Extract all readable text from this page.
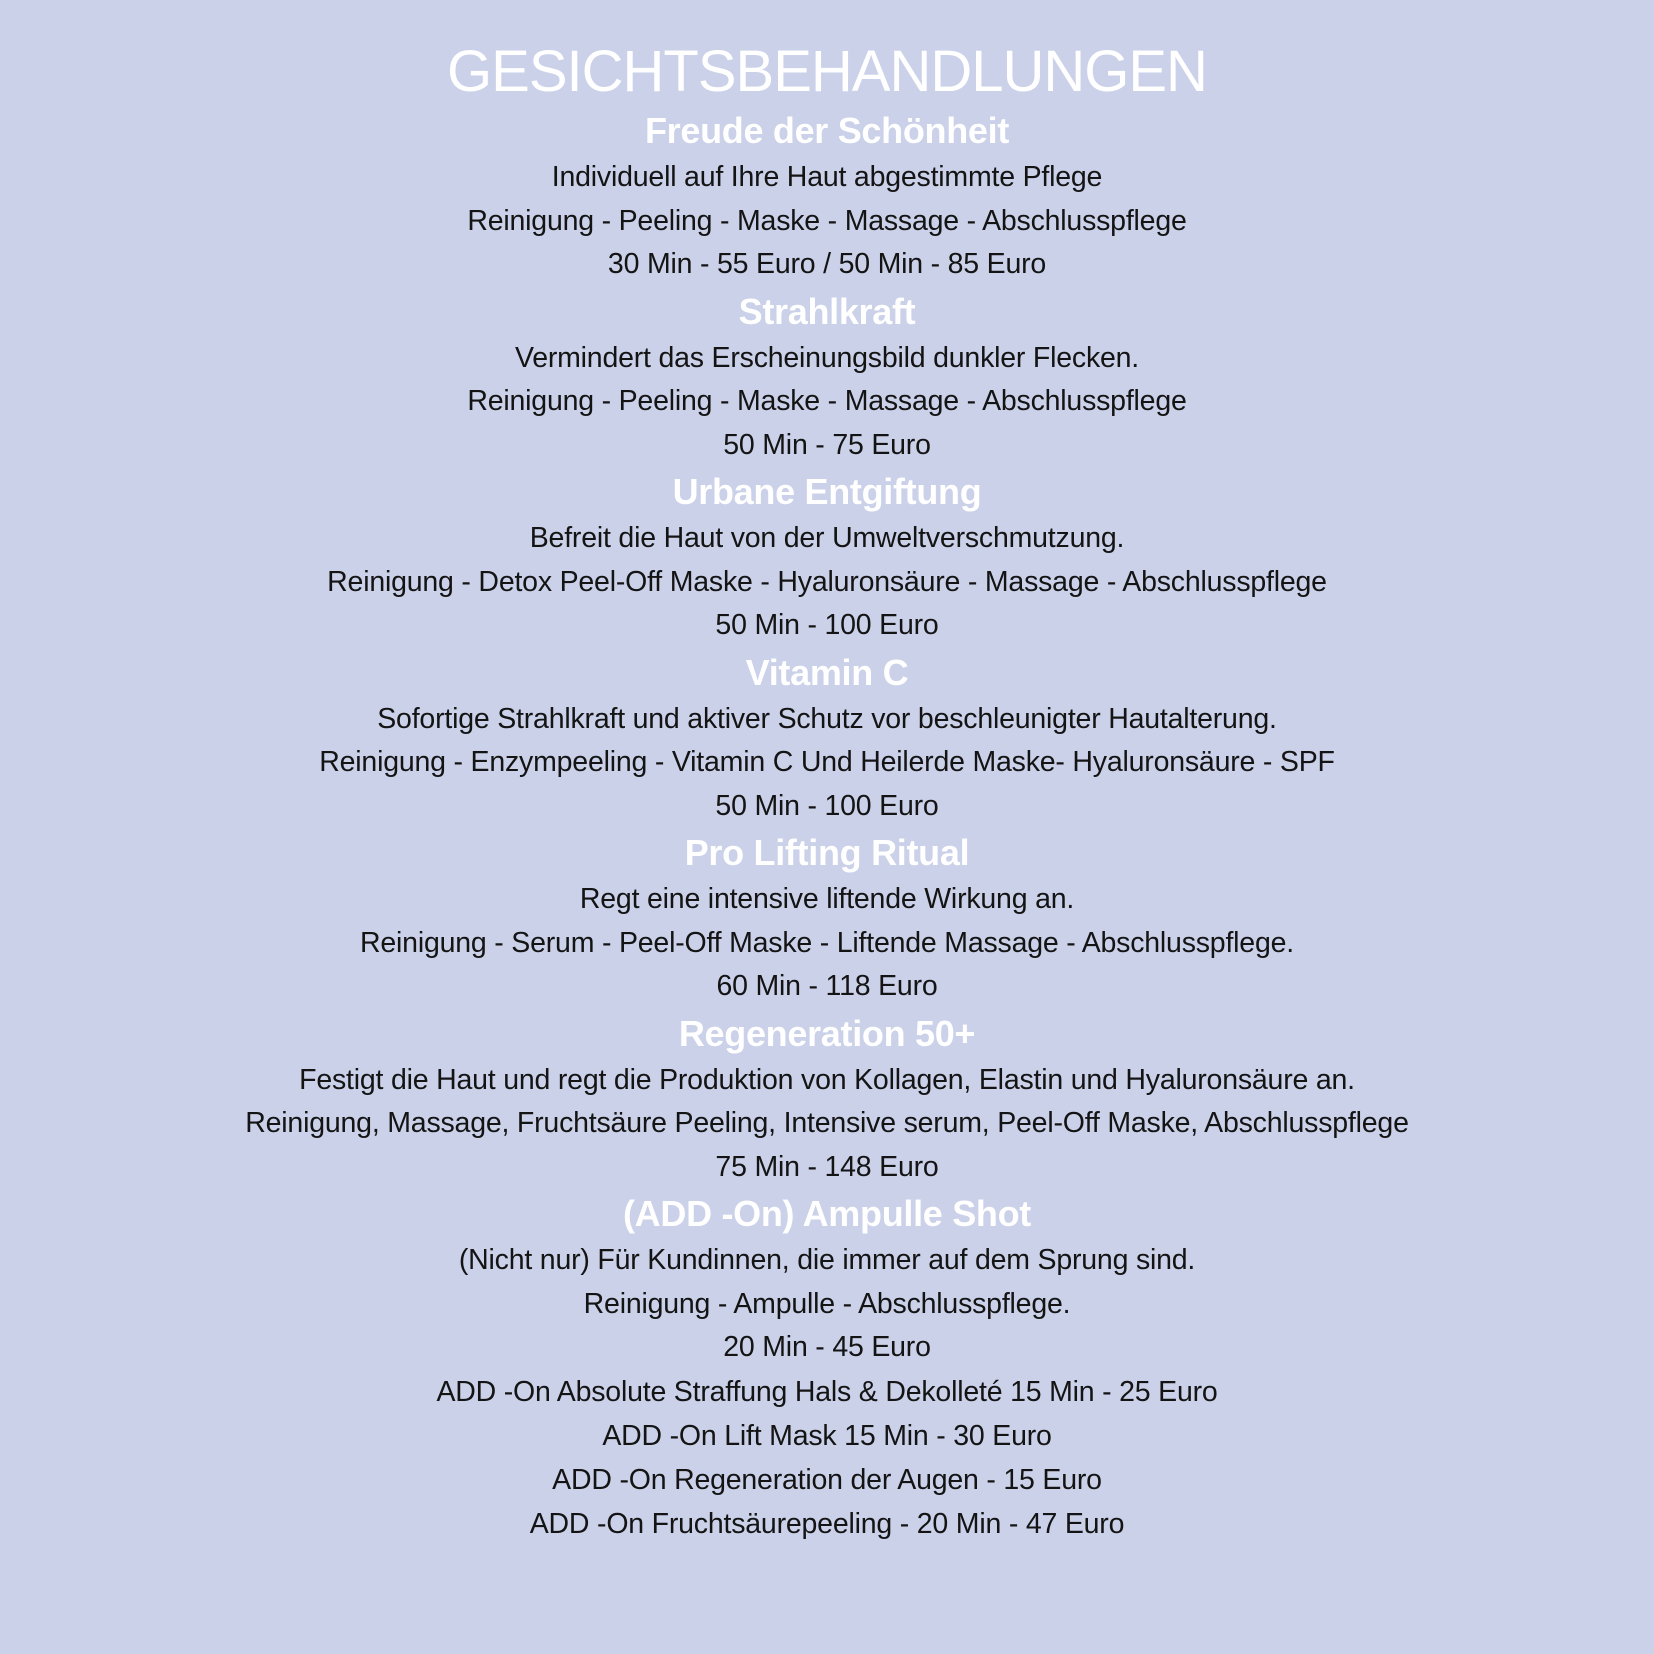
GESICHTSBEHANDLUNGEN
Freude der Schönheit

Individuell auf Ihre Haut abgestimmte Pflege

Reinigung - Peeling - Maske - Massage - Abschlusspflege

30 Min - 55 Euro / 50 Min - 85 Euro

Strahlkraft

Vermindert das Erscheinungsbild dunkler Flecken.

Reinigung - Peeling - Maske - Massage - Abschlusspflege

50 Min - 75 Euro

Urbane Entgiftung

Befreit die Haut von der Umweltverschmutzung.

Reinigung - Detox Peel-Off Maske - Hyaluronsäure - Massage - Abschlusspflege

50 Min - 100 Euro

Vitamin C

Sofortige Strahlkraft und aktiver Schutz vor beschleunigter Hautalterung.

Reinigung - Enzympeeling - Vitamin C Und Heilerde Maske- Hyaluronsäure - SPF

50 Min - 100 Euro

Pro Lifting Ritual

Regt eine intensive liftende Wirkung an.

Reinigung - Serum - Peel-Off Maske - Liftende Massage - Abschlusspflege.

60 Min - 118 Euro

Regeneration 50+

Festigt die Haut und regt die Produktion von Kollagen, Elastin und Hyaluronsäure an.

Reinigung, Massage, Fruchtsäure Peeling, Intensive serum, Peel-Off Maske, Abschlusspflege

75 Min - 148 Euro

(ADD -On) Ampulle Shot

(Nicht nur) Für Kundinnen, die immer auf dem Sprung sind.

Reinigung - Ampulle - Abschlusspflege.

20 Min - 45 Euro

ADD -On Absolute Straffung Hals & Dekolleté 15 Min - 25 Euro

ADD -On Lift Mask 15 Min - 30 Euro

ADD -On Regeneration der Augen - 15 Euro

ADD -On Fruchtsäurepeeling - 20 Min - 47 Euro
